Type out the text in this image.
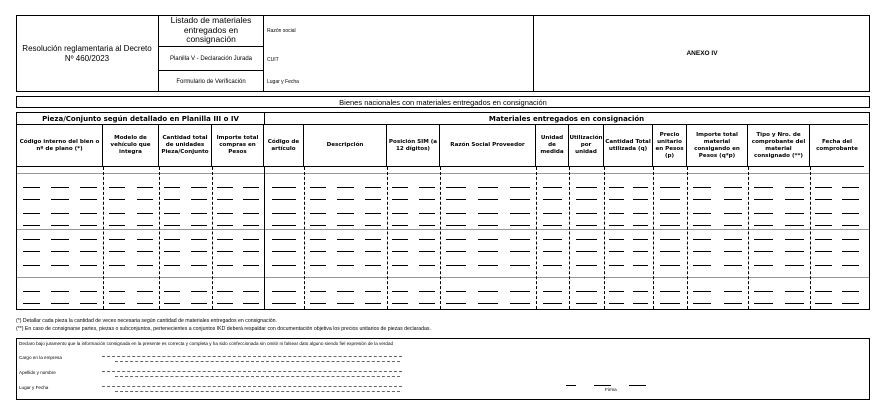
Resolución reglamentaria al Decreto Nº 460/2023
Listado de materiales entregados en consignación
Planilla V - Declaración Jurada
Formulario de Verificación
Razón social
CUIT
Lugar y Fecha
ANEXO IV
Bienes nacionales con materiales entregados en consignación
Pieza/Conjunto según detallado en Planilla III o IV	Materiales entregados en consignación
Código interno del bien o nº de plano (*)
Modelo de vehículo que integra
Cantidad total de unidades Pieza/Conjunto
Importe total compras en Pesos
Código de artículo
Descripción
Posición SIM (a 12 dígitos)
Razón Social Proveedor
Unidad de medida
Utilización por unidad
Cantidad Total utilizada (q)
Precio unitario en Pesos (p)
Importe total material consigando en Pesos (q*p)
Tipo y Nro. de comprobante del material consignado (**)
Fecha del comprobante
(*) Detallar cada pieza la cantidad de veces necesaria según cantidad de materiales entregados en consignación.
(**) En caso de consignarse partes, piezas o subconjuntos, pertenecientes a conjuntos IKD deberá respaldar con documentación objetiva los precios unitarios de piezas declaradas.
Declaro bajo juramento que la información consignada en la presente es correcta y completa y ha sido confeccionada sin omitir ni falsear dato alguno siendo fiel expresión de la verdad
Cargo en la empresa
Apellido y nombre
Lugar y Fecha	Firma
